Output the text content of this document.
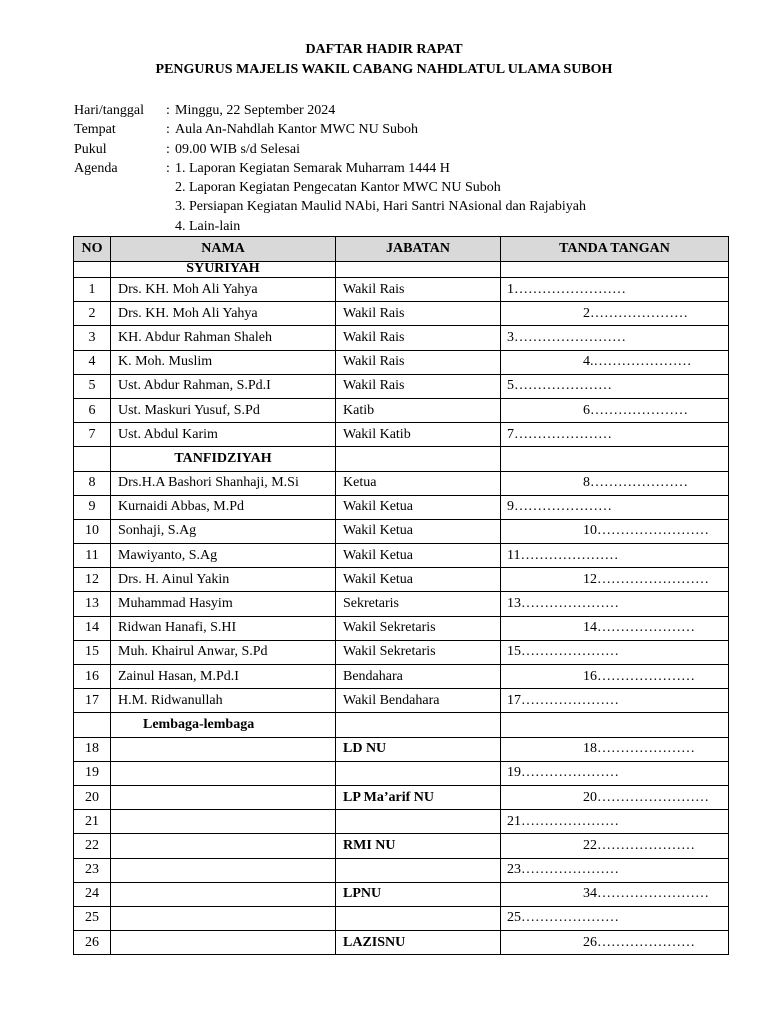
DAFTAR HADIR RAPAT
PENGURUS MAJELIS WAKIL CABANG NAHDLATUL ULAMA SUBOH
Hari/tanggal	: Minggu, 22 September 2024
Tempat	: Aula An-Nahdlah Kantor MWC NU Suboh
Pukul	: 09.00 WIB s/d Selesai
Agenda	: 1. Laporan Kegiatan Semarak Muharram 1444 H
2. Laporan Kegiatan Pengecatan Kantor MWC NU Suboh
3. Persiapan Kegiatan Maulid NAbi, Hari Santri NAsional dan Rajabiyah
4. Lain-lain
NO	NAMA	JABATAN	TANDA TANGAN
	SYURIYAH		
1	Drs. KH. Moh Ali Yahya	Wakil Rais	1……………………
2	Drs. KH. Moh Ali Yahya	Wakil Rais	2…………………
3	KH. Abdur Rahman Shaleh	Wakil Rais	3……………………
4	K. Moh. Muslim	Wakil Rais	4.…………………
5	Ust. Abdur Rahman, S.Pd.I	Wakil Rais	5…………………
6	Ust. Maskuri Yusuf, S.Pd	Katib	6…………………
7	Ust. Abdul Karim	Wakil Katib	7…………………
	TANFIDZIYAH		
8	Drs.H.A Bashori Shanhaji, M.Si	Ketua	8…………………
9	Kurnaidi Abbas, M.Pd	Wakil Ketua	9…………………
10	Sonhaji, S.Ag	Wakil Ketua	10……………………
11	Mawiyanto, S.Ag	Wakil Ketua	11…………………
12	Drs. H. Ainul Yakin	Wakil Ketua	12……………………
13	Muhammad Hasyim	Sekretaris	13…………………
14	Ridwan Hanafi, S.HI	Wakil Sekretaris	14…………………
15	Muh. Khairul Anwar, S.Pd	Wakil Sekretaris	15…………………
16	Zainul Hasan, M.Pd.I	Bendahara	16…………………
17	H.M. Ridwanullah	Wakil Bendahara	17…………………
	Lembaga-lembaga		
18		LD NU	18…………………
19			19…………………
20		LP Ma’arif NU	20……………………
21			21…………………
22		RMI NU	22…………………
23			23…………………
24		LPNU	34……………………
25			25…………………
26		LAZISNU	26…………………
